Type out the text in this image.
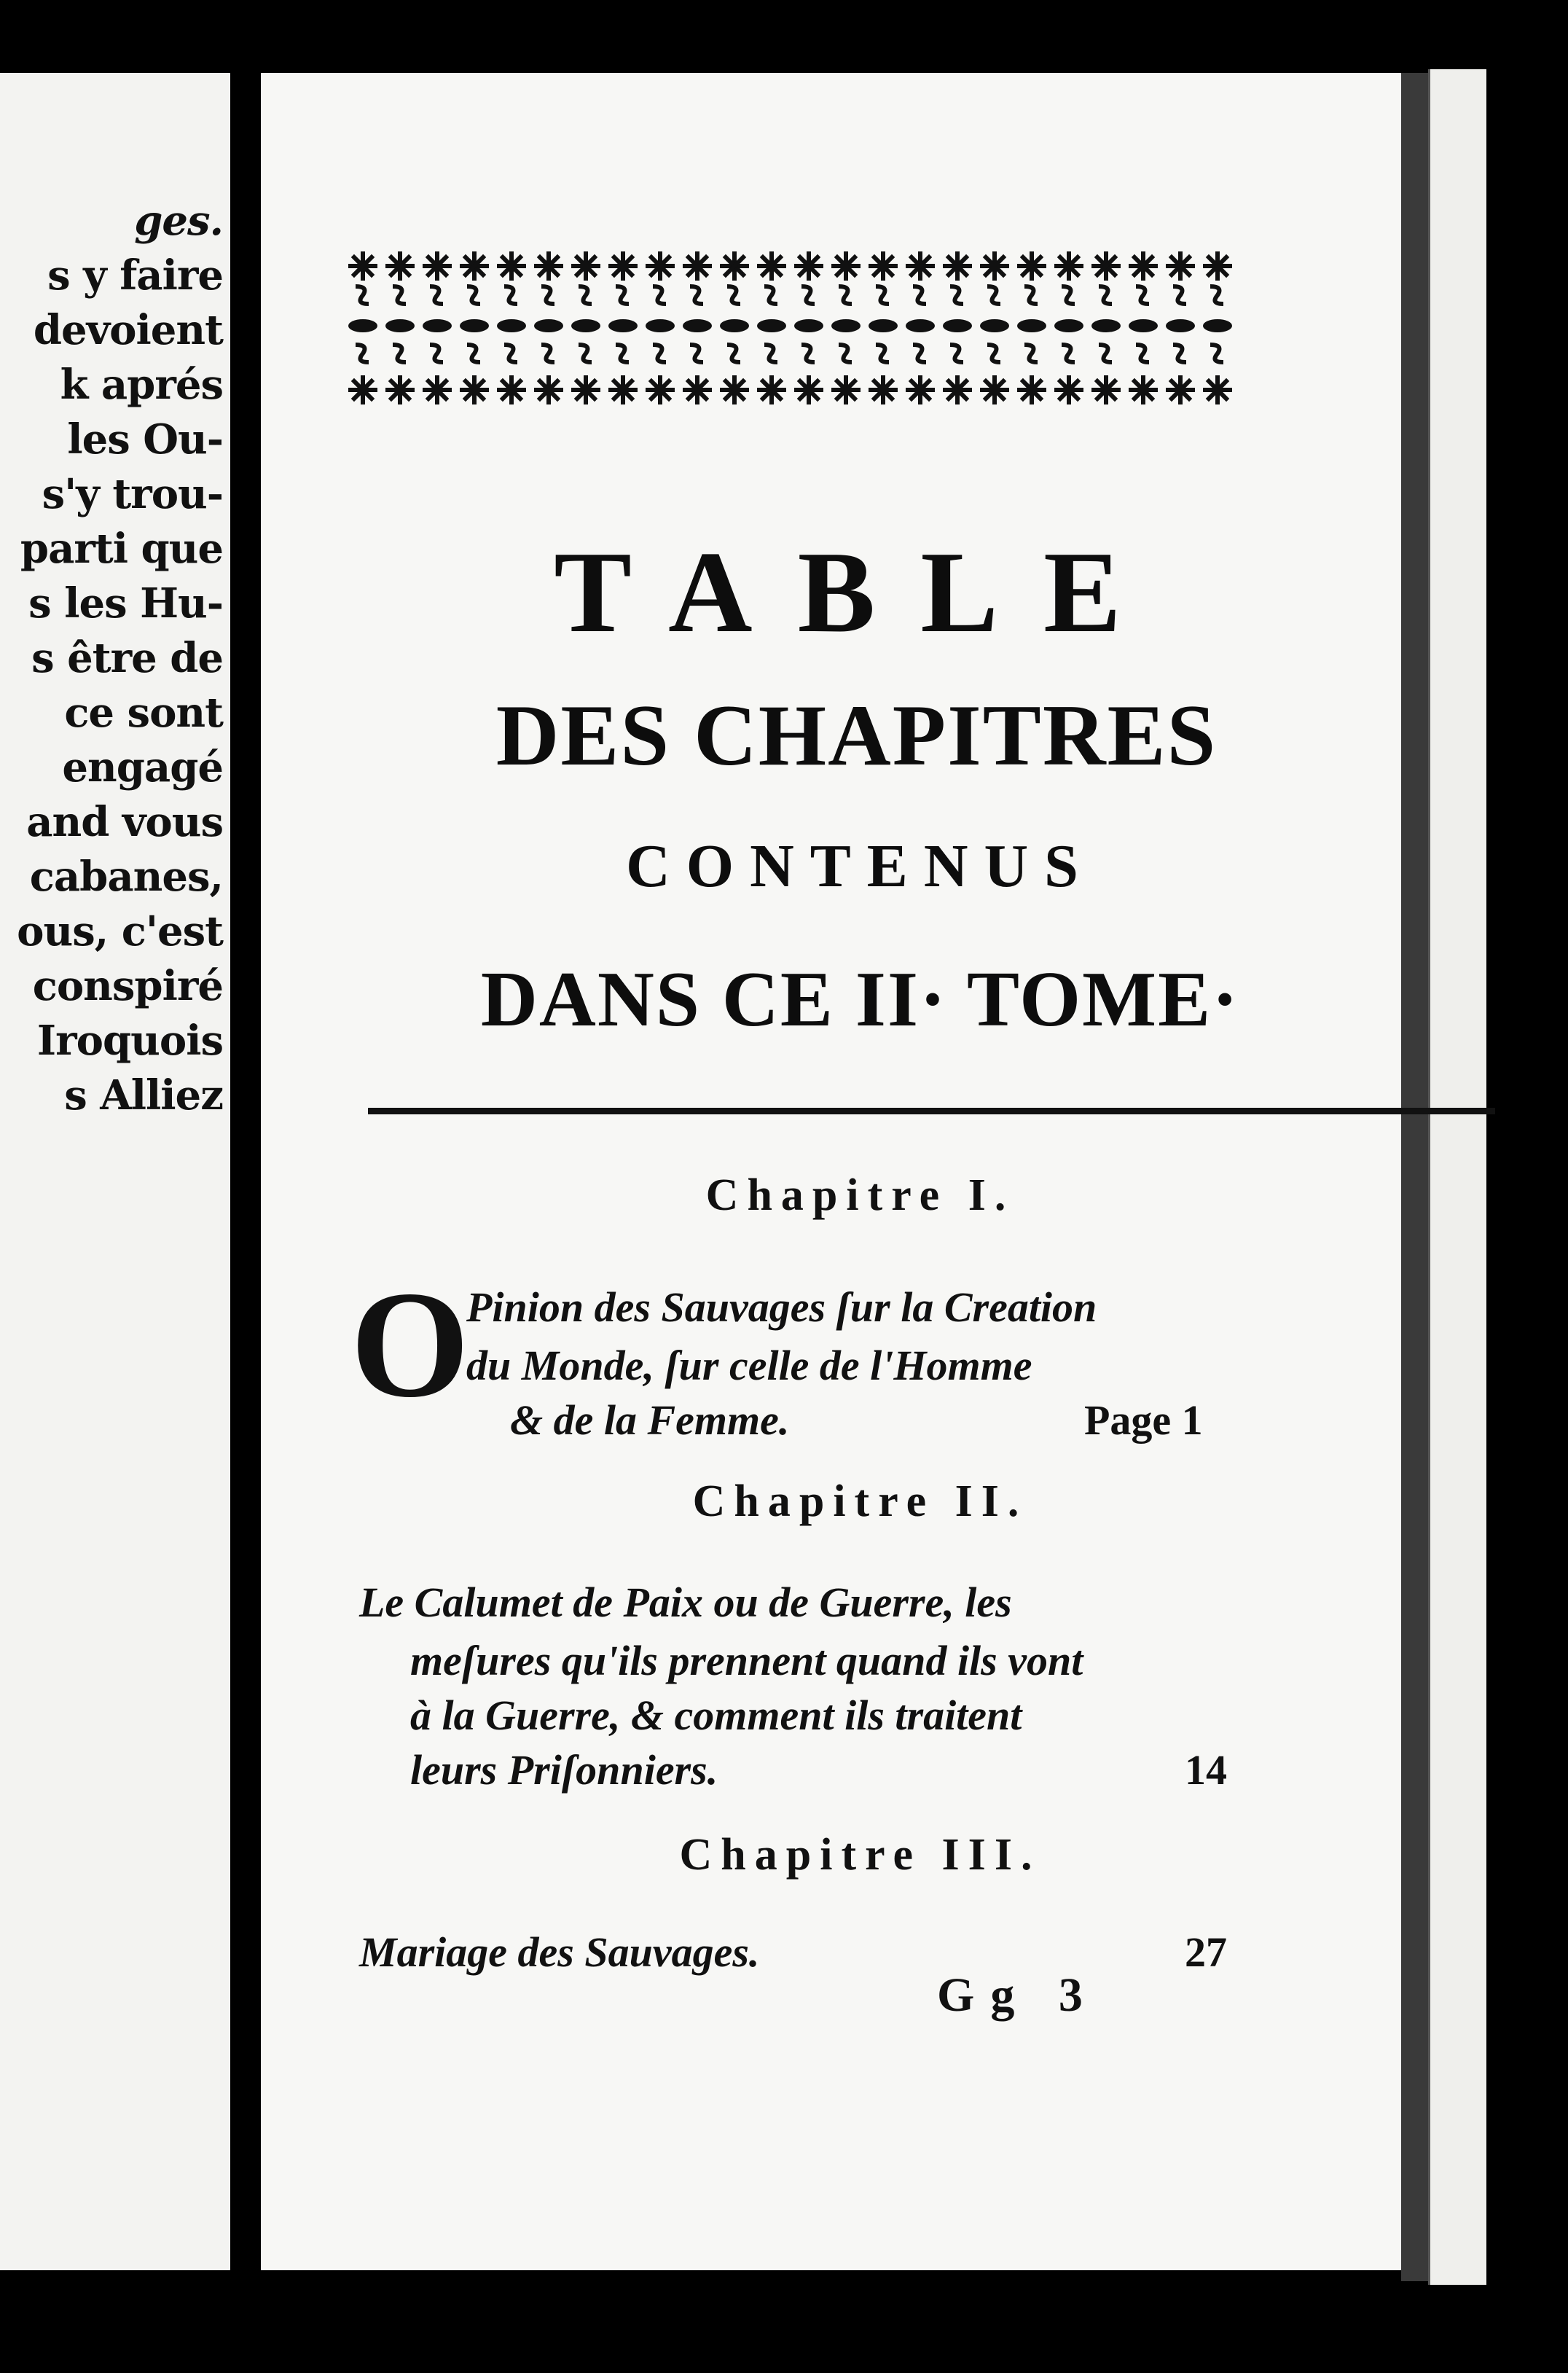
ges.

s y faire

devoient

k aprés

les Ou-

s'y trou-

parti que

s les Hu-

s être de

ce sont

engagé

and vous

cabanes,

ous, c'est

conspiré

Iroquois

s Alliez

TABLE
DES CHAPITRES
CONTENUS
DANS CE II· TOME·

Chapitre I.

O

Pinion des Sauvages ſur la Creation

du Monde, ſur celle de l'Homme

& de la Femme.	Page 1

Chapitre II.

Le Calumet de Paix ou de Guerre, les

meſures qu'ils prennent quand ils vont

à la Guerre, & comment ils traitent

leurs Priſonniers.	14

Chapitre III.

Mariage des Sauvages.	27

Gg 3
